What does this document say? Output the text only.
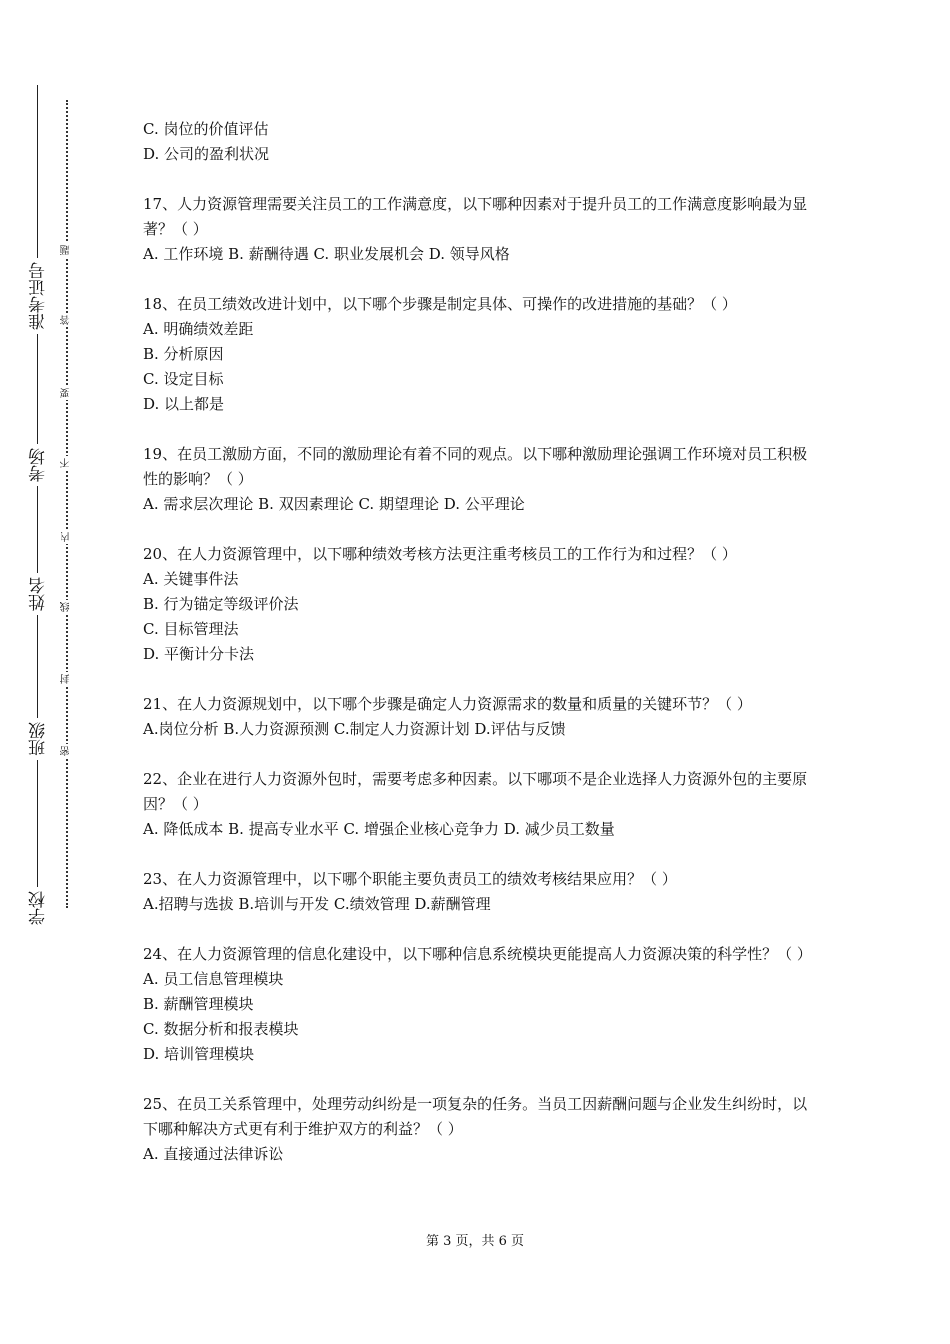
准考证号
考场
姓名
班级
学校
题
答
要
不
内
线
封
密

C. 岗位的价值评估

D. 公司的盈利状况

17、人力资源管理需要关注员工的工作满意度，以下哪种因素对于提升员工的工作满意度影响最为显著？（ ）

A. 工作环境 B. 薪酬待遇 C. 职业发展机会 D. 领导风格

18、在员工绩效改进计划中，以下哪个步骤是制定具体、可操作的改进措施的基础？（ ）

A. 明确绩效差距

B. 分析原因

C. 设定目标

D. 以上都是

19、在员工激励方面，不同的激励理论有着不同的观点。以下哪种激励理论强调工作环境对员工积极性的影响？（ ）

A. 需求层次理论 B. 双因素理论 C. 期望理论 D. 公平理论

20、在人力资源管理中，以下哪种绩效考核方法更注重考核员工的工作行为和过程？（ ）

A. 关键事件法

B. 行为锚定等级评价法

C. 目标管理法

D. 平衡计分卡法

21、在人力资源规划中，以下哪个步骤是确定人力资源需求的数量和质量的关键环节？（ ）

A.岗位分析 B.人力资源预测 C.制定人力资源计划 D.评估与反馈

22、企业在进行人力资源外包时，需要考虑多种因素。以下哪项不是企业选择人力资源外包的主要原因？（ ）

A. 降低成本 B. 提高专业水平 C. 增强企业核心竞争力 D. 减少员工数量

23、在人力资源管理中，以下哪个职能主要负责员工的绩效考核结果应用？（ ）

A.招聘与选拔 B.培训与开发 C.绩效管理 D.薪酬管理

24、在人力资源管理的信息化建设中，以下哪种信息系统模块更能提高人力资源决策的科学性？（ ）

A. 员工信息管理模块

B. 薪酬管理模块

C. 数据分析和报表模块

D. 培训管理模块

25、在员工关系管理中，处理劳动纠纷是一项复杂的任务。当员工因薪酬问题与企业发生纠纷时，以下哪种解决方式更有利于维护双方的利益？（ ）

A. 直接通过法律诉讼

第 3 页，共 6 页
